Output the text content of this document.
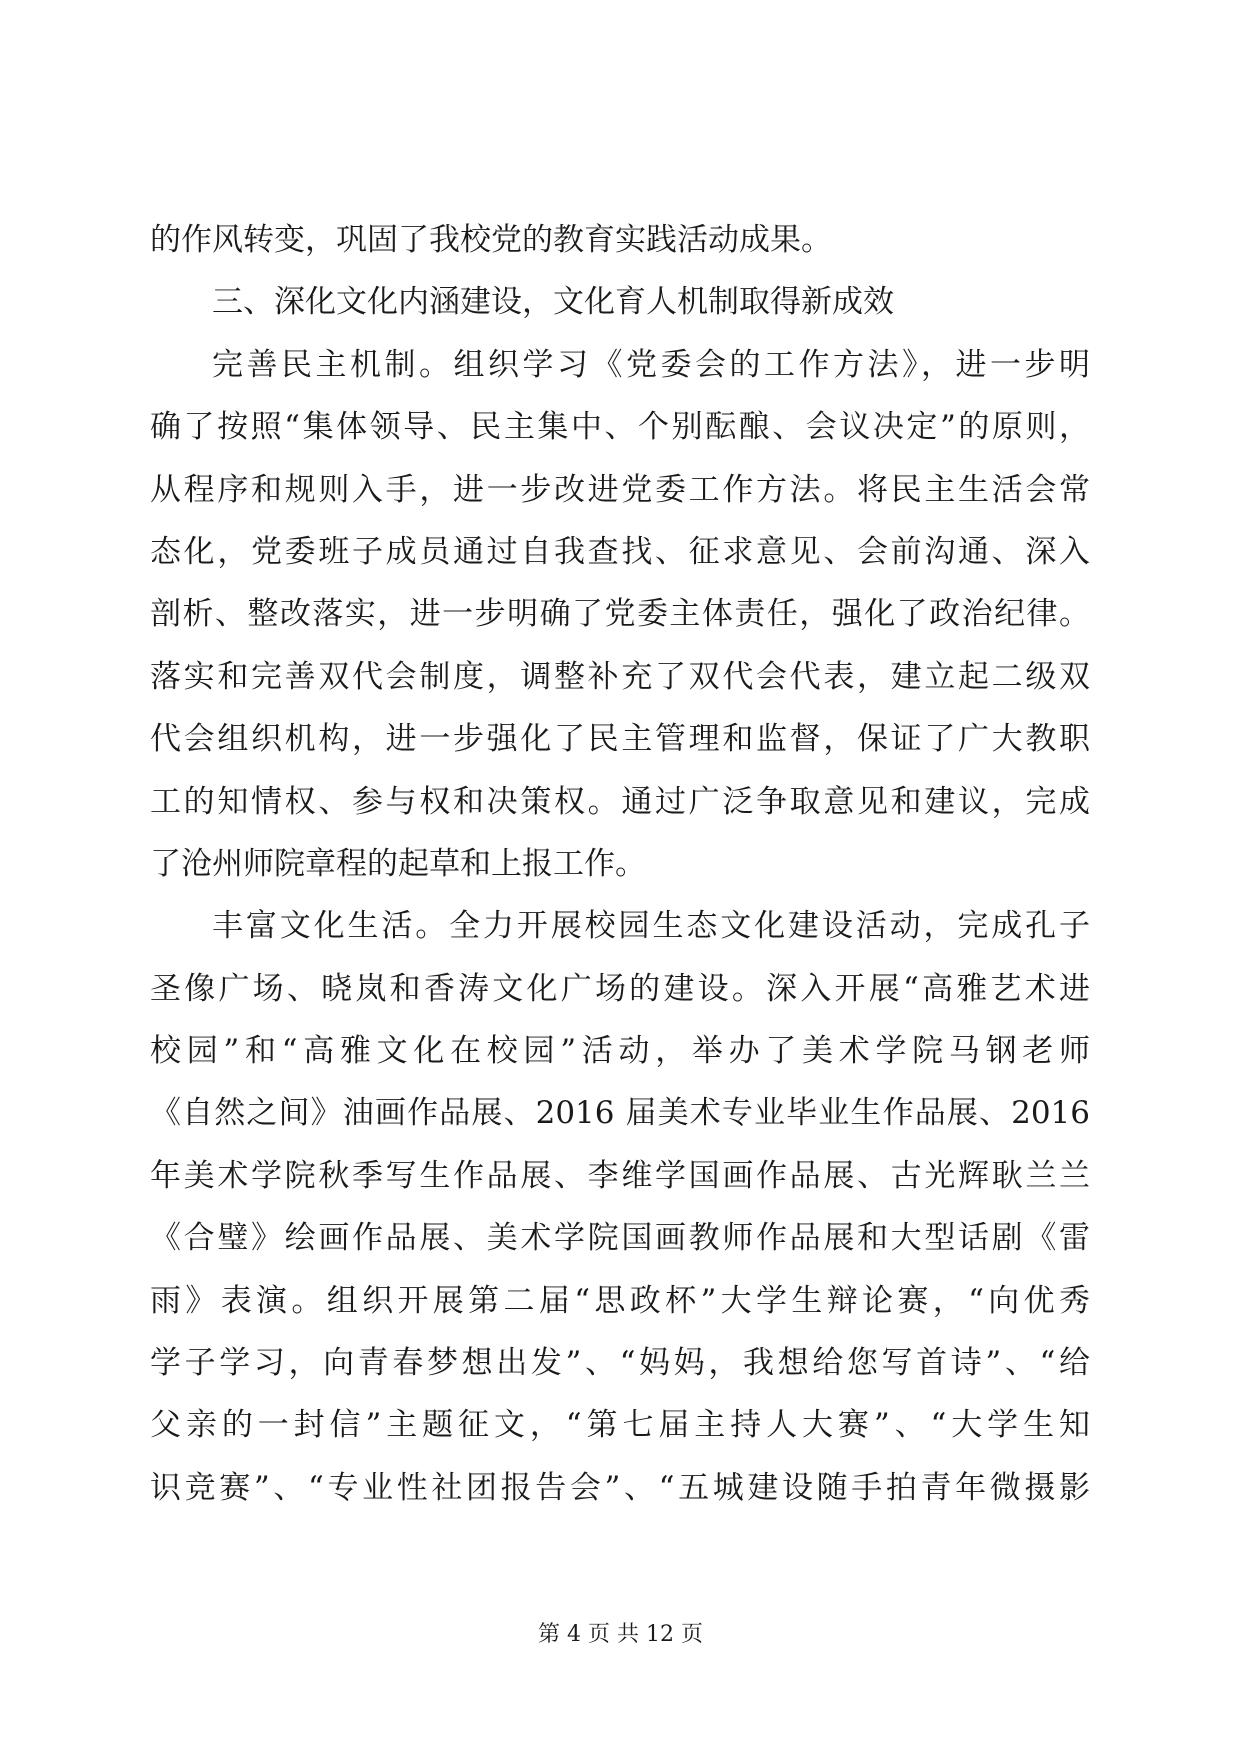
的作风转变，巩固了我校党的教育实践活动成果。
三、深化文化内涵建设，文化育人机制取得新成效
完善民主机制。组织学习《党委会的工作方法》，进一步明
确了按照“集体领导、民主集中、个别酝酿、会议决定”的原则，
从程序和规则入手，进一步改进党委工作方法。将民主生活会常
态化，党委班子成员通过自我查找、征求意见、会前沟通、深入
剖析、整改落实，进一步明确了党委主体责任，强化了政治纪律。
落实和完善双代会制度，调整补充了双代会代表，建立起二级双
代会组织机构，进一步强化了民主管理和监督，保证了广大教职
工的知情权、参与权和决策权。通过广泛争取意见和建议，完成
了沧州师院章程的起草和上报工作。
丰富文化生活。全力开展校园生态文化建设活动，完成孔子
圣像广场、晓岚和香涛文化广场的建设。深入开展“高雅艺术进
校园”和“高雅文化在校园”活动，举办了美术学院马钢老师
《自然之间》油画作品展、2016 届美术专业毕业生作品展、2016
年美术学院秋季写生作品展、李维学国画作品展、古光辉耿兰兰
《合璧》绘画作品展、美术学院国画教师作品展和大型话剧《雷
雨》表演。组织开展第二届“思政杯”大学生辩论赛，“向优秀
学子学习，向青春梦想出发”、“妈妈，我想给您写首诗”、“给
父亲的一封信”主题征文，“第七届主持人大赛”、“大学生知
识竞赛”、“专业性社团报告会”、“五城建设随手拍青年微摄影
第 4 页 共 12 页
